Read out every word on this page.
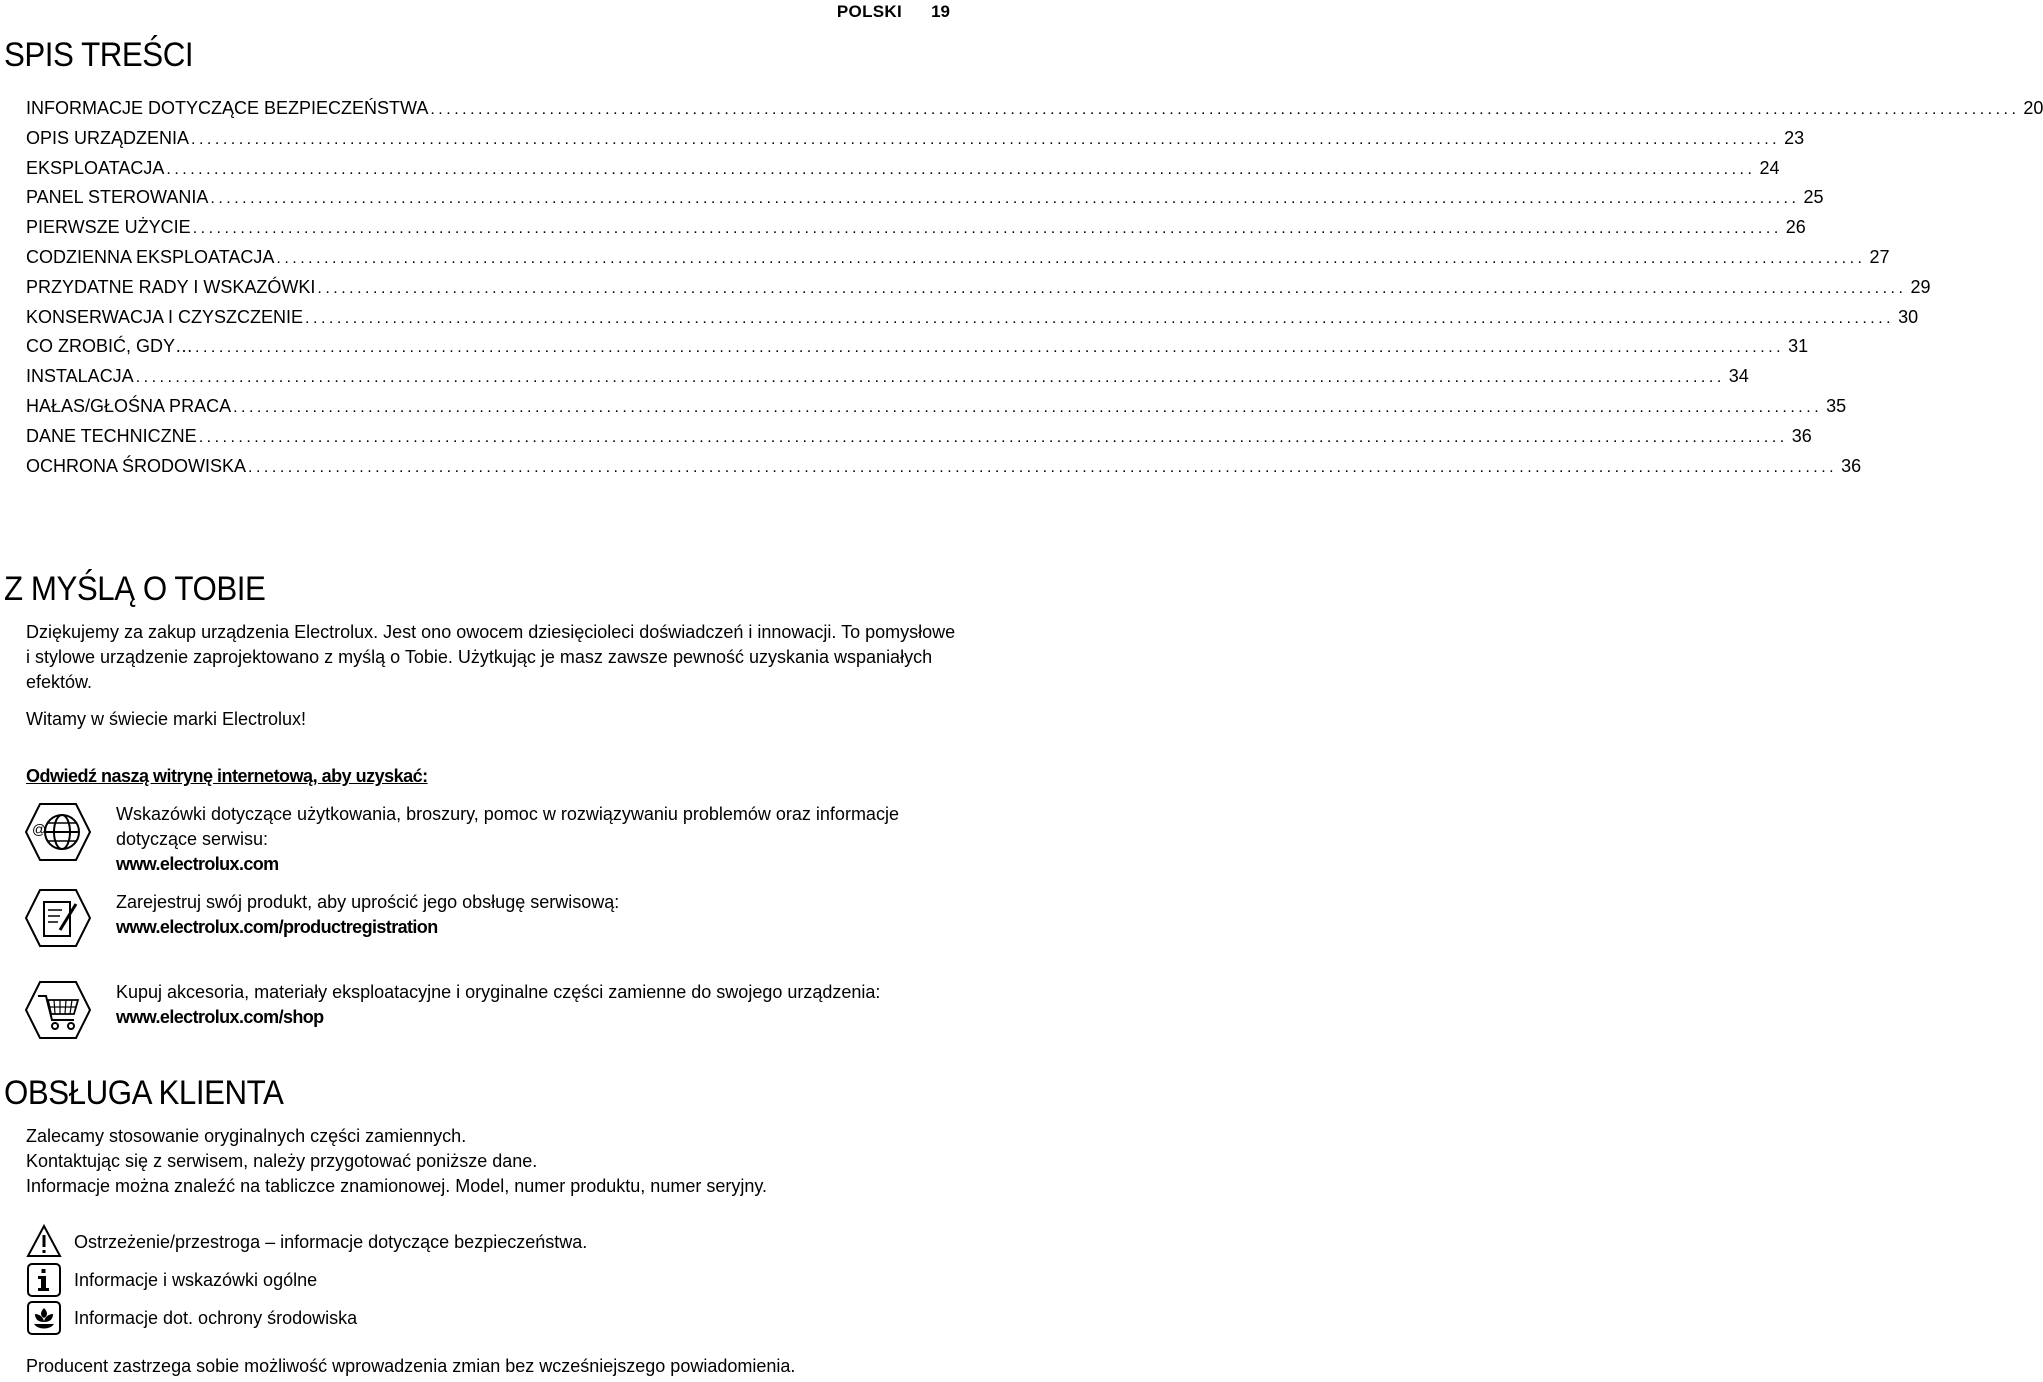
POLSKI 19
SPIS TREŚCI
INFORMACJE DOTYCZĄCE BEZPIECZEŃSTWA ........................................................................................................................................................................................................ 20
OPIS URZĄDZENIA ........................................................................................................................................................................................................ 23
EKSPLOATACJA ........................................................................................................................................................................................................ 24
PANEL STEROWANIA ........................................................................................................................................................................................................ 25
PIERWSZE UŻYCIE ........................................................................................................................................................................................................ 26
CODZIENNA EKSPLOATACJA ........................................................................................................................................................................................................ 27
PRZYDATNE RADY I WSKAZÓWKI ........................................................................................................................................................................................................ 29
KONSERWACJA I CZYSZCZENIE ........................................................................................................................................................................................................ 30
CO ZROBIĆ, GDY… ........................................................................................................................................................................................................ 31
INSTALACJA ........................................................................................................................................................................................................ 34
HAŁAS/GŁOŚNA PRACA ........................................................................................................................................................................................................ 35
DANE TECHNICZNE ........................................................................................................................................................................................................ 36
OCHRONA ŚRODOWISKA ........................................................................................................................................................................................................ 36
Z MYŚLĄ O TOBIE
Dziękujemy za zakup urządzenia Electrolux. Jest ono owocem dziesięcioleci doświadczeń i innowacji. To pomysłowe i stylowe urządzenie zaprojektowano z myślą o Tobie. Użytkując je masz zawsze pewność uzyskania wspaniałych efektów.
Witamy w świecie marki Electrolux!
Odwiedź naszą witrynę internetową, aby uzyskać:
@
Wskazówki dotyczące użytkowania, broszury, pomoc w rozwiązywaniu problemów oraz informacje dotyczące serwisu:
www.electrolux.com
Zarejestruj swój produkt, aby uprościć jego obsługę serwisową:
www.electrolux.com/productregistration
Kupuj akcesoria, materiały eksploatacyjne i oryginalne części zamienne do swojego urządzenia:
www.electrolux.com/shop
OBSŁUGA KLIENTA
Zalecamy stosowanie oryginalnych części zamiennych.
Kontaktując się z serwisem, należy przygotować poniższe dane.
Informacje można znaleźć na tabliczce znamionowej. Model, numer produktu, numer seryjny.
Ostrzeżenie/przestroga – informacje dotyczące bezpieczeństwa.
Informacje i wskazówki ogólne
Informacje dot. ochrony środowiska
Producent zastrzega sobie możliwość wprowadzenia zmian bez wcześniejszego powiadomienia.
